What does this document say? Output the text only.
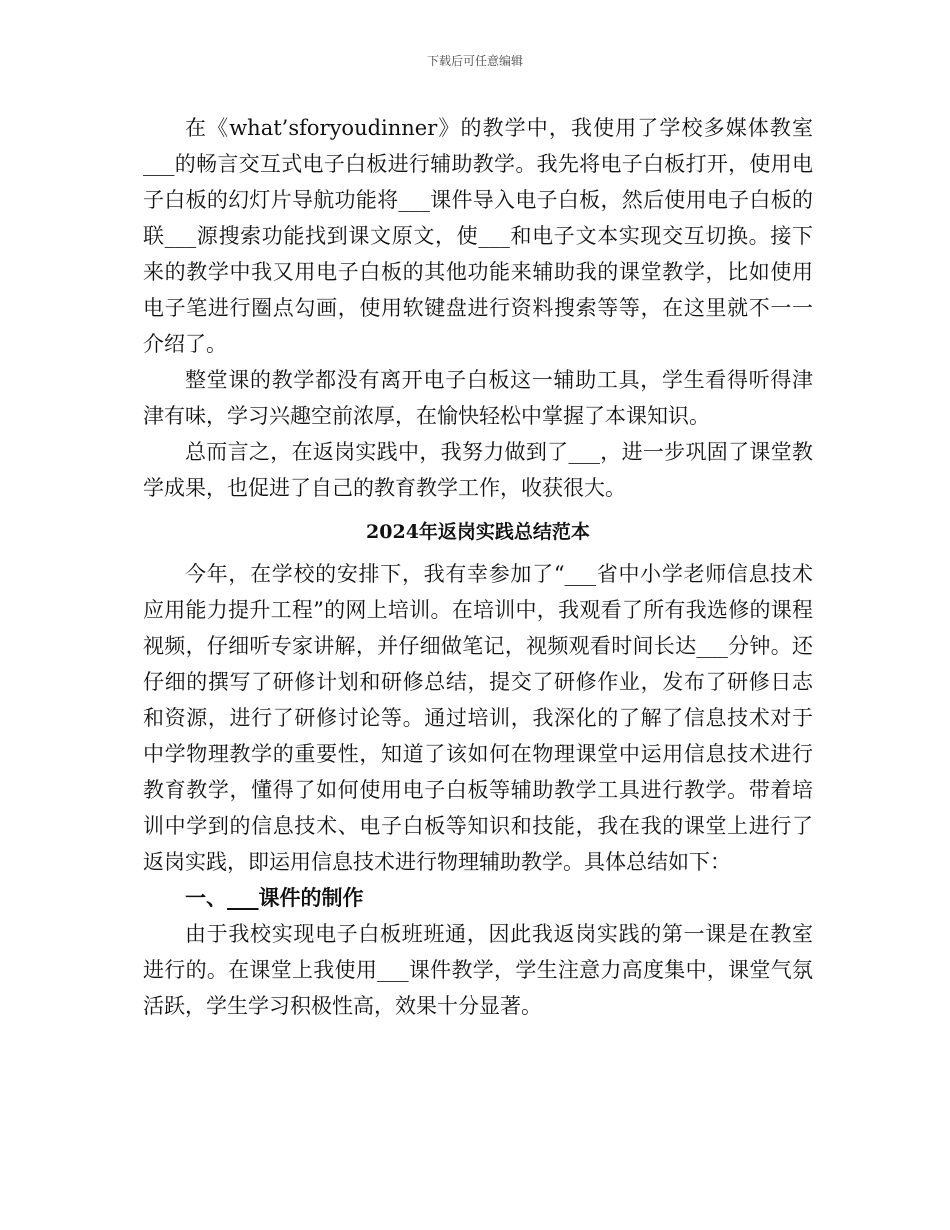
下载后可任意编辑

在《what’sforyoudinner》的教学中，我使用了学校多媒体教室___的畅言交互式电子白板进行辅助教学。我先将电子白板打开，使用电子白板的幻灯片导航功能将___课件导入电子白板，然后使用电子白板的联___源搜索功能找到课文原文，使___和电子文本实现交互切换。接下来的教学中我又用电子白板的其他功能来辅助我的课堂教学，比如使用电子笔进行圈点勾画，使用软键盘进行资料搜索等等，在这里就不一一介绍了。

整堂课的教学都没有离开电子白板这一辅助工具，学生看得听得津津有味，学习兴趣空前浓厚，在愉快轻松中掌握了本课知识。

总而言之，在返岗实践中，我努力做到了___，进一步巩固了课堂教学成果，也促进了自己的教育教学工作，收获很大。

2024年返岗实践总结范本

今年，在学校的安排下，我有幸参加了“___省中小学老师信息技术应用能力提升工程”的网上培训。在培训中，我观看了所有我选修的课程视频，仔细听专家讲解，并仔细做笔记，视频观看时间长达___分钟。还仔细的撰写了研修计划和研修总结，提交了研修作业，发布了研修日志和资源，进行了研修讨论等。通过培训，我深化的了解了信息技术对于中学物理教学的重要性，知道了该如何在物理课堂中运用信息技术进行教育教学，懂得了如何使用电子白板等辅助教学工具进行教学。带着培训中学到的信息技术、电子白板等知识和技能，我在我的课堂上进行了返岗实践，即运用信息技术进行物理辅助教学。具体总结如下：

一、___课件的制作

由于我校实现电子白板班班通，因此我返岗实践的第一课是在教室进行的。在课堂上我使用___课件教学，学生注意力高度集中，课堂气氛活跃，学生学习积极性高，效果十分显著。
